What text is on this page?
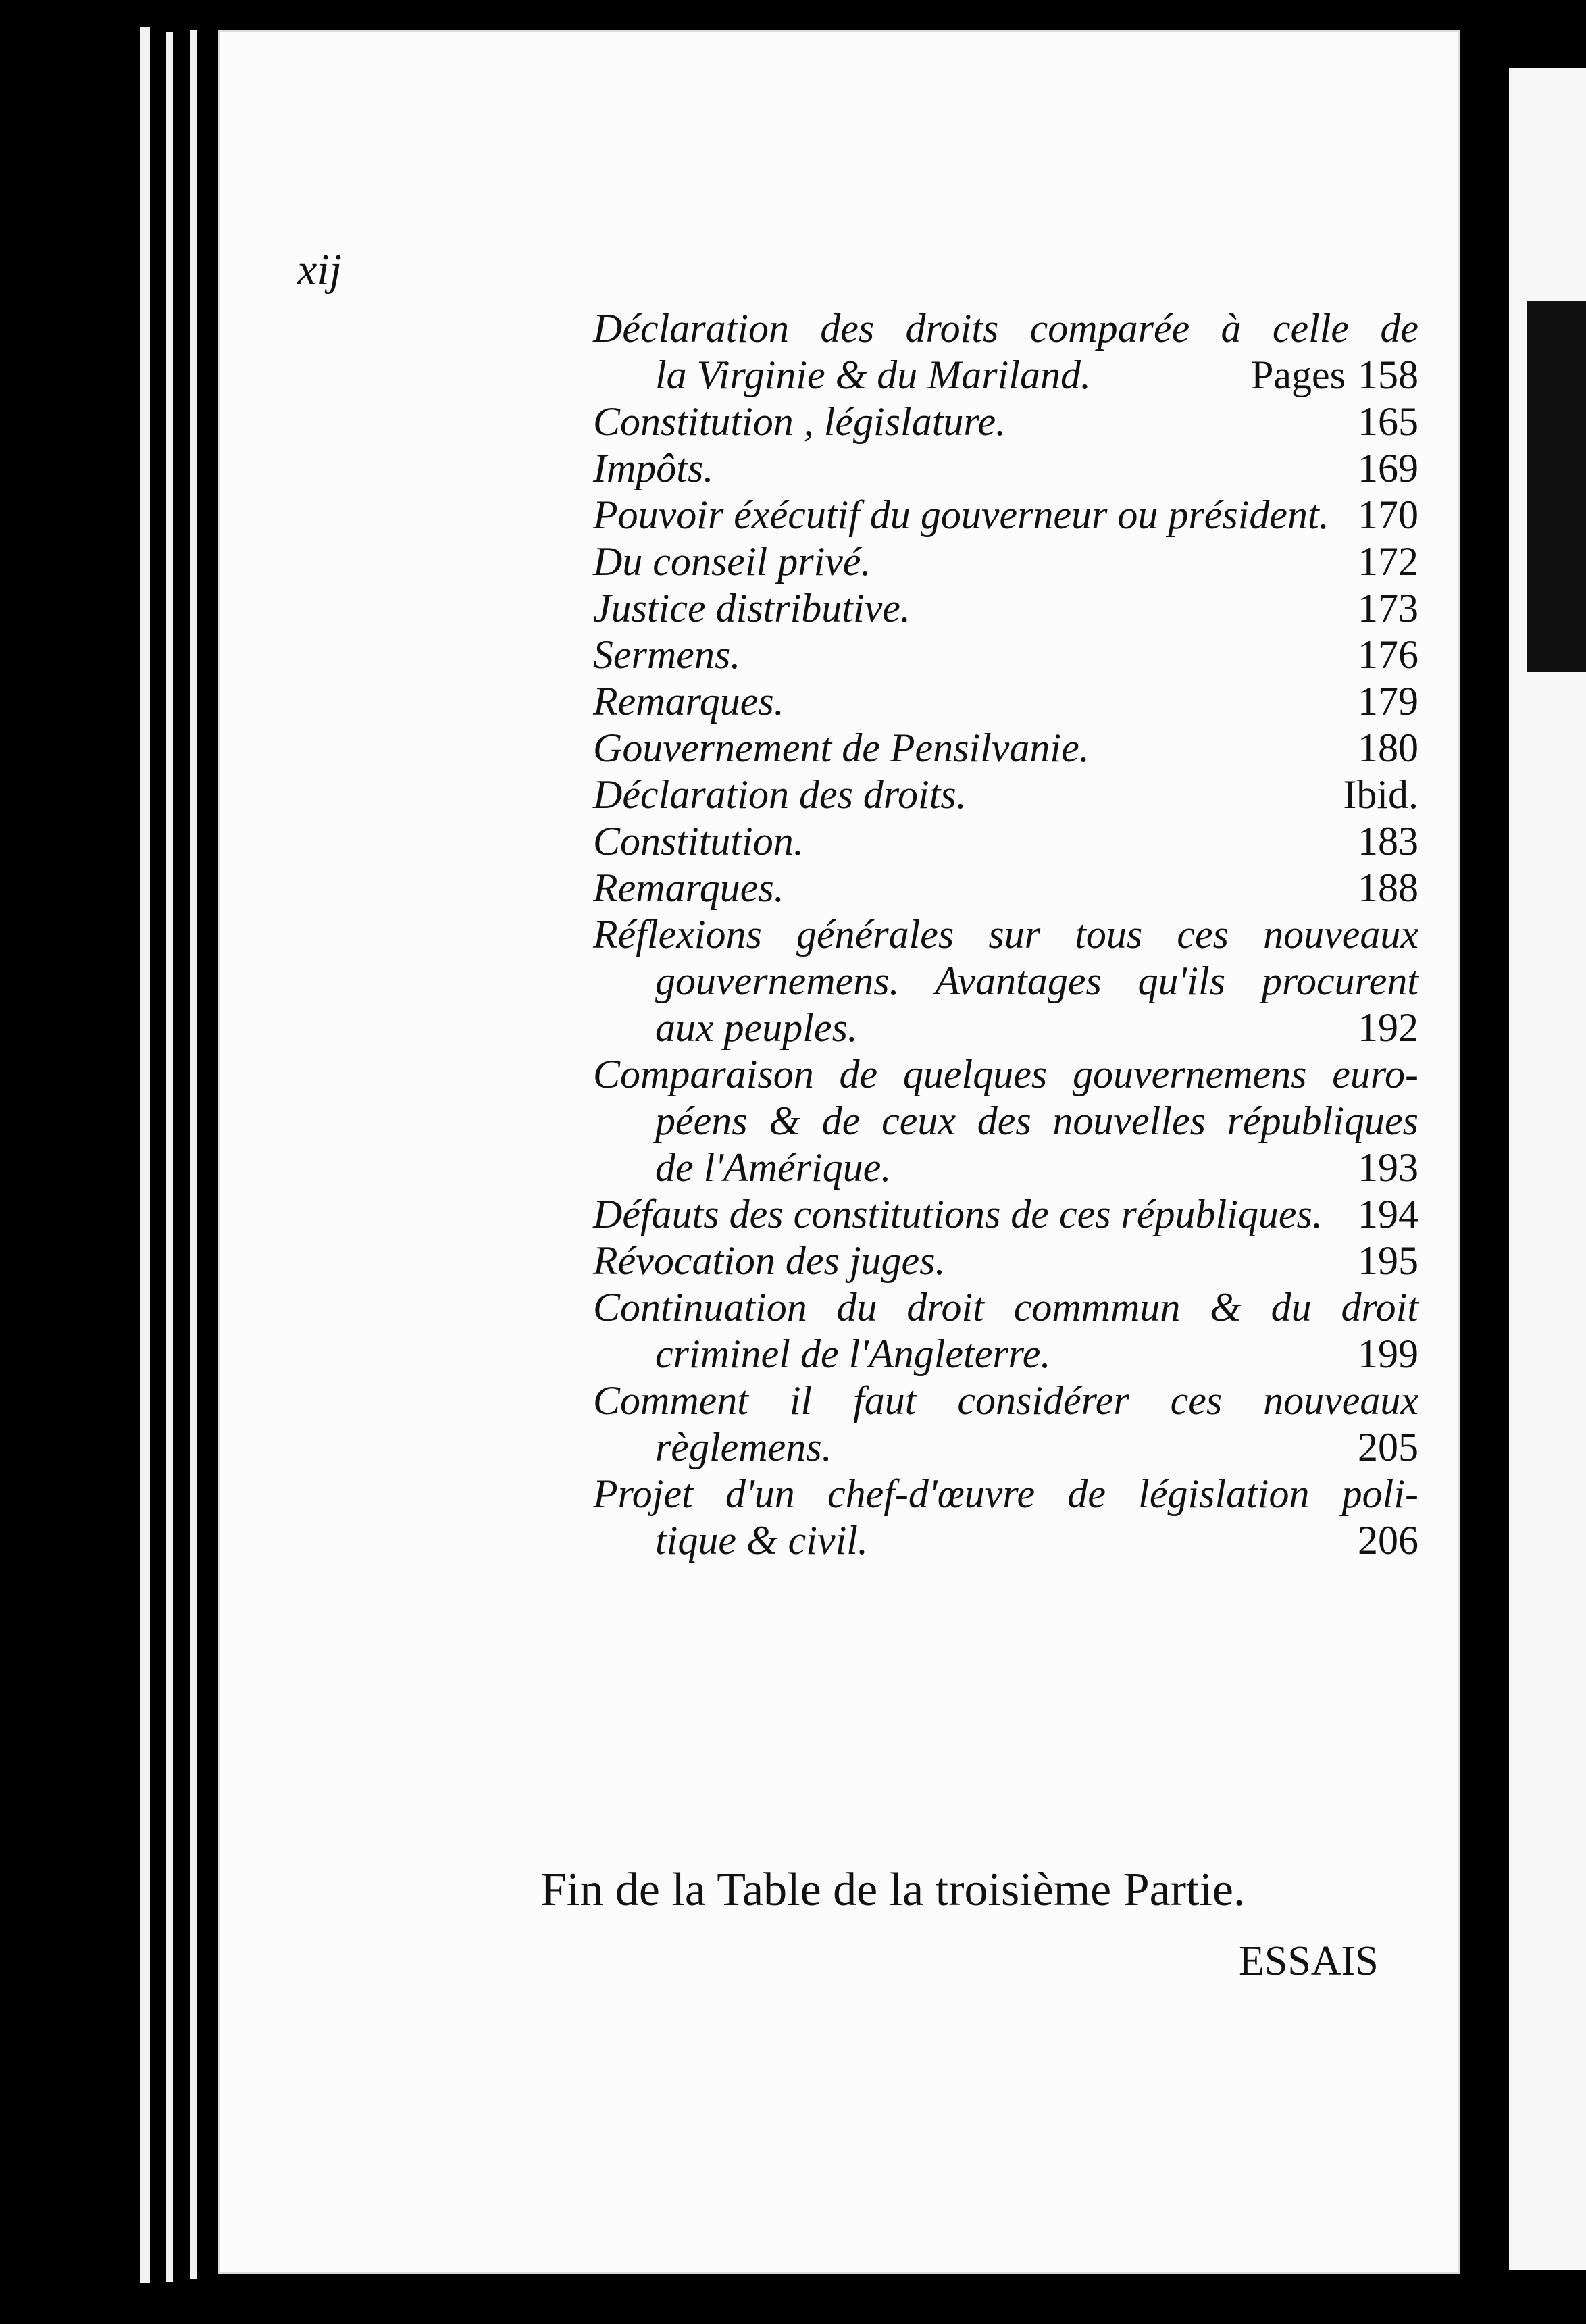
xij
Déclaration des droits comparée à celle de
la Virginie & du Mariland.	Pages 158
Constitution , législature.	165
Impôts.	169
Pouvoir éxécutif du gouverneur ou président. 170
Du conseil privé.	172
Justice distributive.	173
Sermens.	176
Remarques.	179
Gouvernement de Pensilvanie.	180
Déclaration des droits.	Ibid.
Constitution.	183
Remarques.	188
Réflexions générales sur tous ces nouveaux
gouvernemens. Avantages qu'ils procurent
aux peuples.	192
Comparaison de quelques gouvernemens euro-
péens & de ceux des nouvelles républiques
de l'Amérique.	193
Défauts des constitutions de ces républiques. 194
Révocation des juges.	195
Continuation du droit commmun & du droit
criminel de l'Angleterre.	199
Comment il faut considérer ces nouveaux
règlemens.	205
Projet d'un chef-d'œuvre de législation poli-
tique & civil.	206
Fin de la Table de la troisième Partie.
ESSAIS
